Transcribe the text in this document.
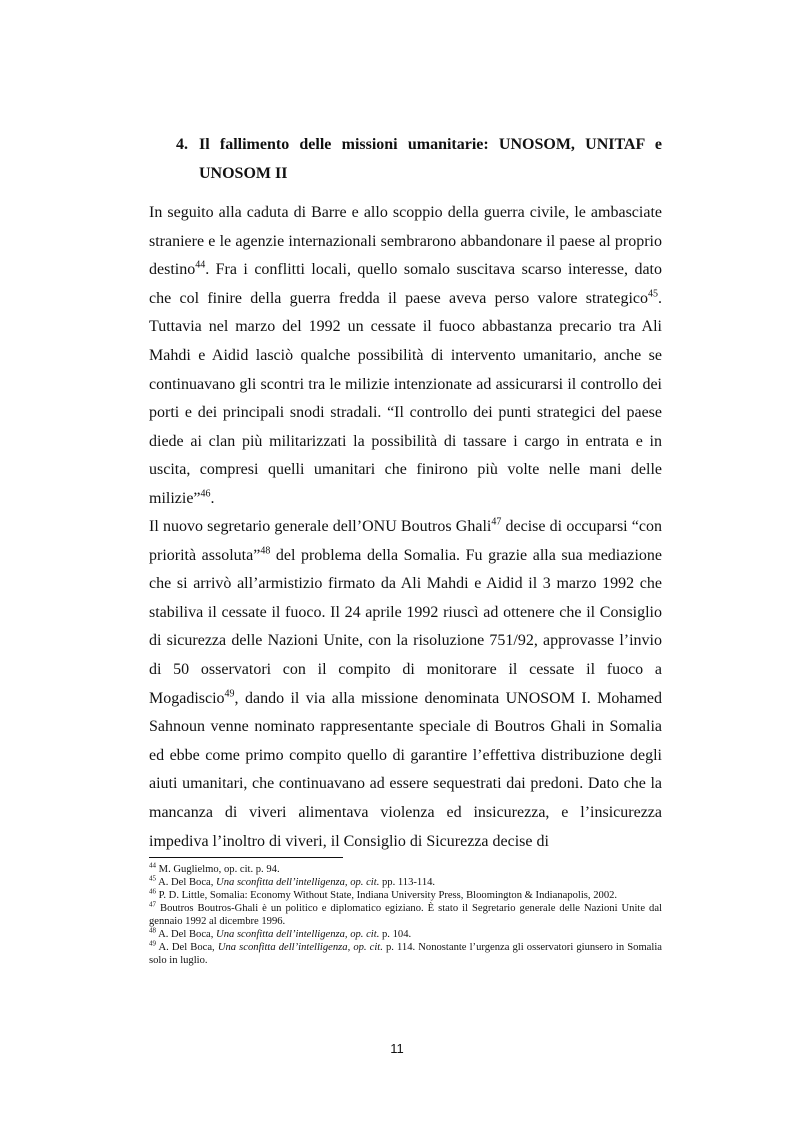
4. Il fallimento delle missioni umanitarie: UNOSOM, UNITAF e UNOSOM II

In seguito alla caduta di Barre e allo scoppio della guerra civile, le ambasciate straniere e le agenzie internazionali sembrarono abbandonare il paese al proprio destino$^{44}$. Fra i conflitti locali, quello somalo suscitava scarso interesse, dato che col finire della guerra fredda il paese aveva perso valore strategico$^{45}$. Tuttavia nel marzo del 1992 un cessate il fuoco abbastanza precario tra Ali Mahdi e Aidid lasciò qualche possibilità di intervento umanitario, anche se continuavano gli scontri tra le milizie intenzionate ad assicurarsi il controllo dei porti e dei principali snodi stradali. “Il controllo dei punti strategici del paese diede ai clan più militarizzati la possibilità di tassare i cargo in entrata e in uscita, compresi quelli umanitari che finirono più volte nelle mani delle milizie”$^{46}$.

Il nuovo segretario generale dell’ONU Boutros Ghali$^{47}$ decise di occuparsi “con priorità assoluta”$^{48}$ del problema della Somalia. Fu grazie alla sua mediazione che si arrivò all’armistizio firmato da Ali Mahdi e Aidid il 3 marzo 1992 che stabiliva il cessate il fuoco. Il 24 aprile 1992 riuscì ad ottenere che il Consiglio di sicurezza delle Nazioni Unite, con la risoluzione 751/92, approvasse l’invio di 50 osservatori con il compito di monitorare il cessate il fuoco a Mogadiscio$^{49}$, dando il via alla missione denominata UNOSOM I. Mohamed Sahnoun venne nominato rappresentante speciale di Boutros Ghali in Somalia ed ebbe come primo compito quello di garantire l’effettiva distribuzione degli aiuti umanitari, che continuavano ad essere sequestrati dai predoni. Dato che la mancanza di viveri alimentava violenza ed insicurezza, e l’insicurezza impediva l’inoltro di viveri, il Consiglio di Sicurezza decise di

$^{44}$ M. Guglielmo, op. cit. p. 94.

$^{45}$ A. Del Boca, Una sconfitta dell’intelligenza, op. cit. pp. 113-114.

$^{46}$ P. D. Little, Somalia: Economy Without State, Indiana University Press, Bloomington & Indianapolis, 2002.

$^{47}$ Boutros Boutros-Ghali è un politico e diplomatico egiziano. È stato il Segretario generale delle Nazioni Unite dal gennaio 1992 al dicembre 1996.

$^{48}$ A. Del Boca, Una sconfitta dell’intelligenza, op. cit. p. 104.

$^{49}$ A. Del Boca, Una sconfitta dell’intelligenza, op. cit. p. 114. Nonostante l’urgenza gli osservatori giunsero in Somalia solo in luglio.

11
